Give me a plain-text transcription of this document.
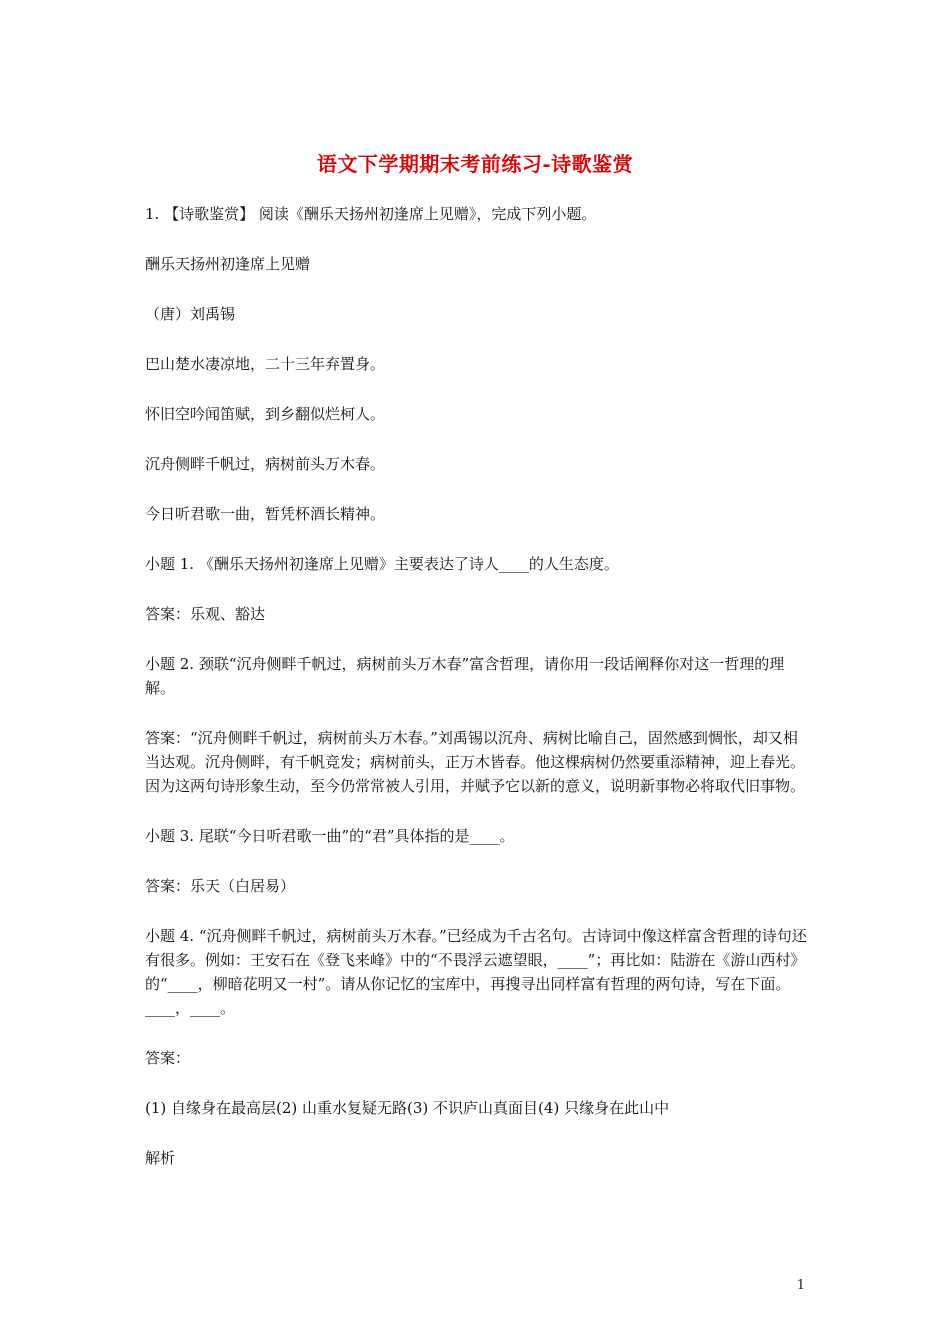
语文下学期期末考前练习-诗歌鉴赏

1. 【诗歌鉴赏】 阅读《酬乐天扬州初逢席上见赠》，完成下列小题。

酬乐天扬州初逢席上见赠

（唐）刘禹锡

巴山楚水凄凉地，二十三年弃置身。

怀旧空吟闻笛赋，到乡翻似烂柯人。

沉舟侧畔千帆过，病树前头万木春。

今日听君歌一曲，暂凭杯酒长精神。

小题 1. 《酬乐天扬州初逢席上见赠》主要表达了诗人____的人生态度。

答案：乐观、豁达

小题 2. 颈联“沉舟侧畔千帆过，病树前头万木春”富含哲理，请你用一段话阐释你对这一哲理的理解。

答案：“沉舟侧畔千帆过，病树前头万木春。”刘禹锡以沉舟、病树比喻自己，固然感到惆怅，却又相当达观。沉舟侧畔，有千帆竞发；病树前头，正万木皆春。他这棵病树仍然要重添精神，迎上春光。因为这两句诗形象生动，至今仍常常被人引用，并赋予它以新的意义，说明新事物必将取代旧事物。

小题 3. 尾联“今日听君歌一曲”的“君”具体指的是____。

答案：乐天（白居易）

小题 4. “沉舟侧畔千帆过，病树前头万木春。”已经成为千古名句。古诗词中像这样富含哲理的诗句还有很多。例如：王安石在《登飞来峰》中的“不畏浮云遮望眼，____”；再比如：陆游在《游山西村》的“____，柳暗花明又一村”。请从你记忆的宝库中，再搜寻出同样富有哲理的两句诗，写在下面。____，____。

答案：

(1) 自缘身在最高层(2) 山重水复疑无路(3) 不识庐山真面目(4) 只缘身在此山中

解析

1
